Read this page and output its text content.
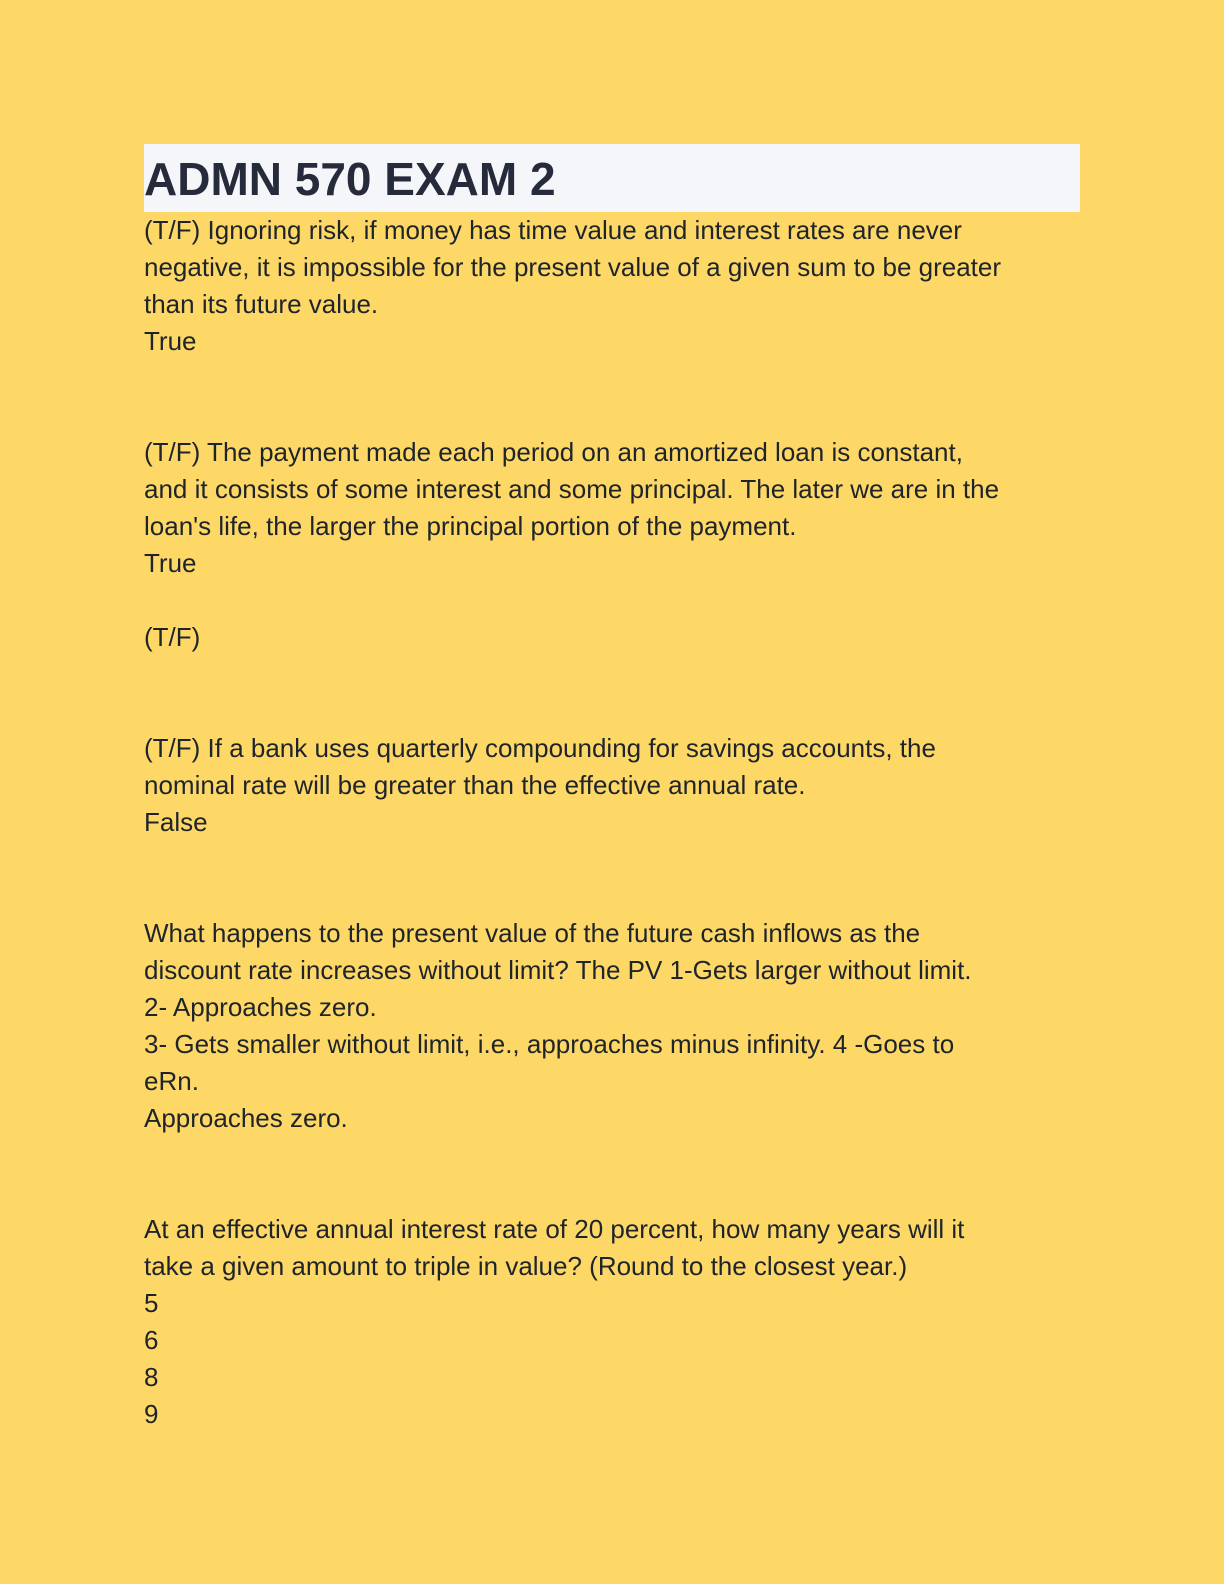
ADMN 570 EXAM 2

(T/F) Ignoring risk, if money has time value and interest rates are never

negative, it is impossible for the present value of a given sum to be greater

than its future value.

True

(T/F) The payment made each period on an amortized loan is constant,

and it consists of some interest and some principal. The later we are in the

loan's life, the larger the principal portion of the payment.

True

(T/F)

(T/F) If a bank uses quarterly compounding for savings accounts, the

nominal rate will be greater than the effective annual rate.

False

What happens to the present value of the future cash inflows as the

discount rate increases without limit? The PV 1-Gets larger without limit.

2- Approaches zero.

3- Gets smaller without limit, i.e., approaches minus infinity. 4 -Goes to

eRn.

Approaches zero.

At an effective annual interest rate of 20 percent, how many years will it

take a given amount to triple in value? (Round to the closest year.)

5

6

8

9
